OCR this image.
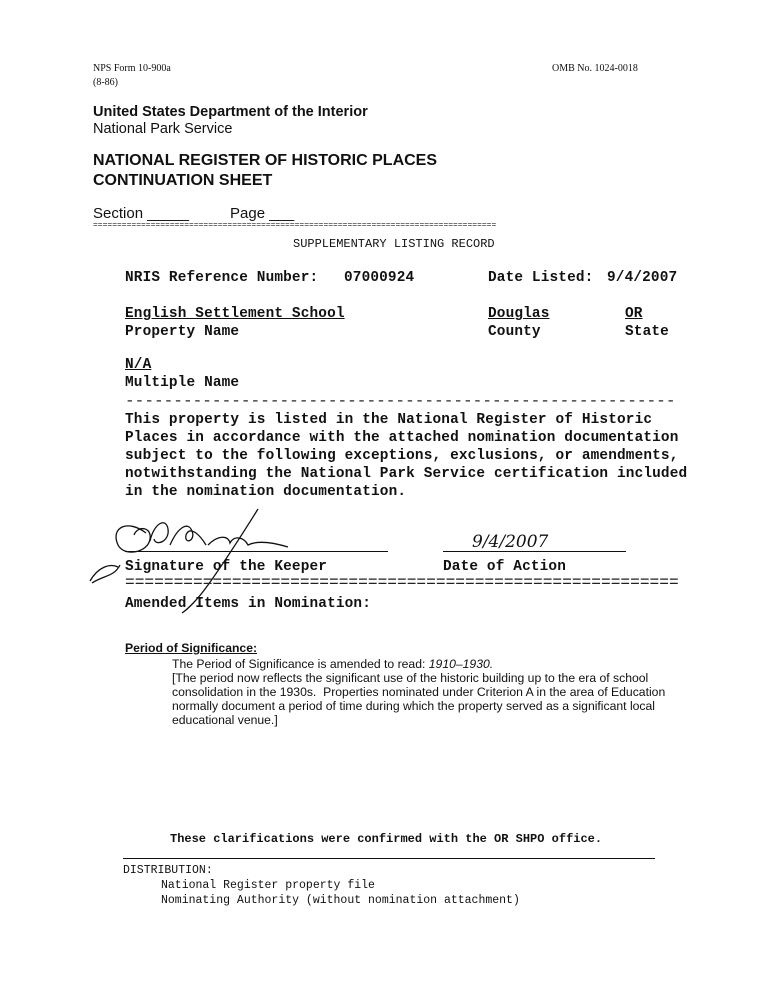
NPS Form 10-900a
(8-86)
OMB No. 1024-0018
United States Department of the Interior
National Park Service
NATIONAL REGISTER OF HISTORIC PLACES
CONTINUATION SHEET
Section _____	Page ___
====================================================================================
SUPPLEMENTARY LISTING RECORD
NRIS Reference Number: 07000924	Date Listed: 9/4/2007
English Settlement School	Douglas	OR
Property Name	County	State
N/A
Multiple Name
---------------------------------------------------------
This property is listed in the National Register of Historic
Places in accordance with the attached nomination documentation
subject to the following exceptions, exclusions, or amendments,
notwithstanding the National Park Service certification included
in the nomination documentation.
9/4/2007
Signature of the Keeper	Date of Action
=========================================================
Amended Items in Nomination:
Period of Significance:
The Period of Significance is amended to read: 1910–1930.
[The period now reflects the significant use of the historic building up to the era of school
consolidation in the 1930s.  Properties nominated under Criterion A in the area of Education
normally document a period of time during which the property served as a significant local
educational venue.]
These clarifications were confirmed with the OR SHPO office.
DISTRIBUTION:
National Register property file
Nominating Authority (without nomination attachment)
